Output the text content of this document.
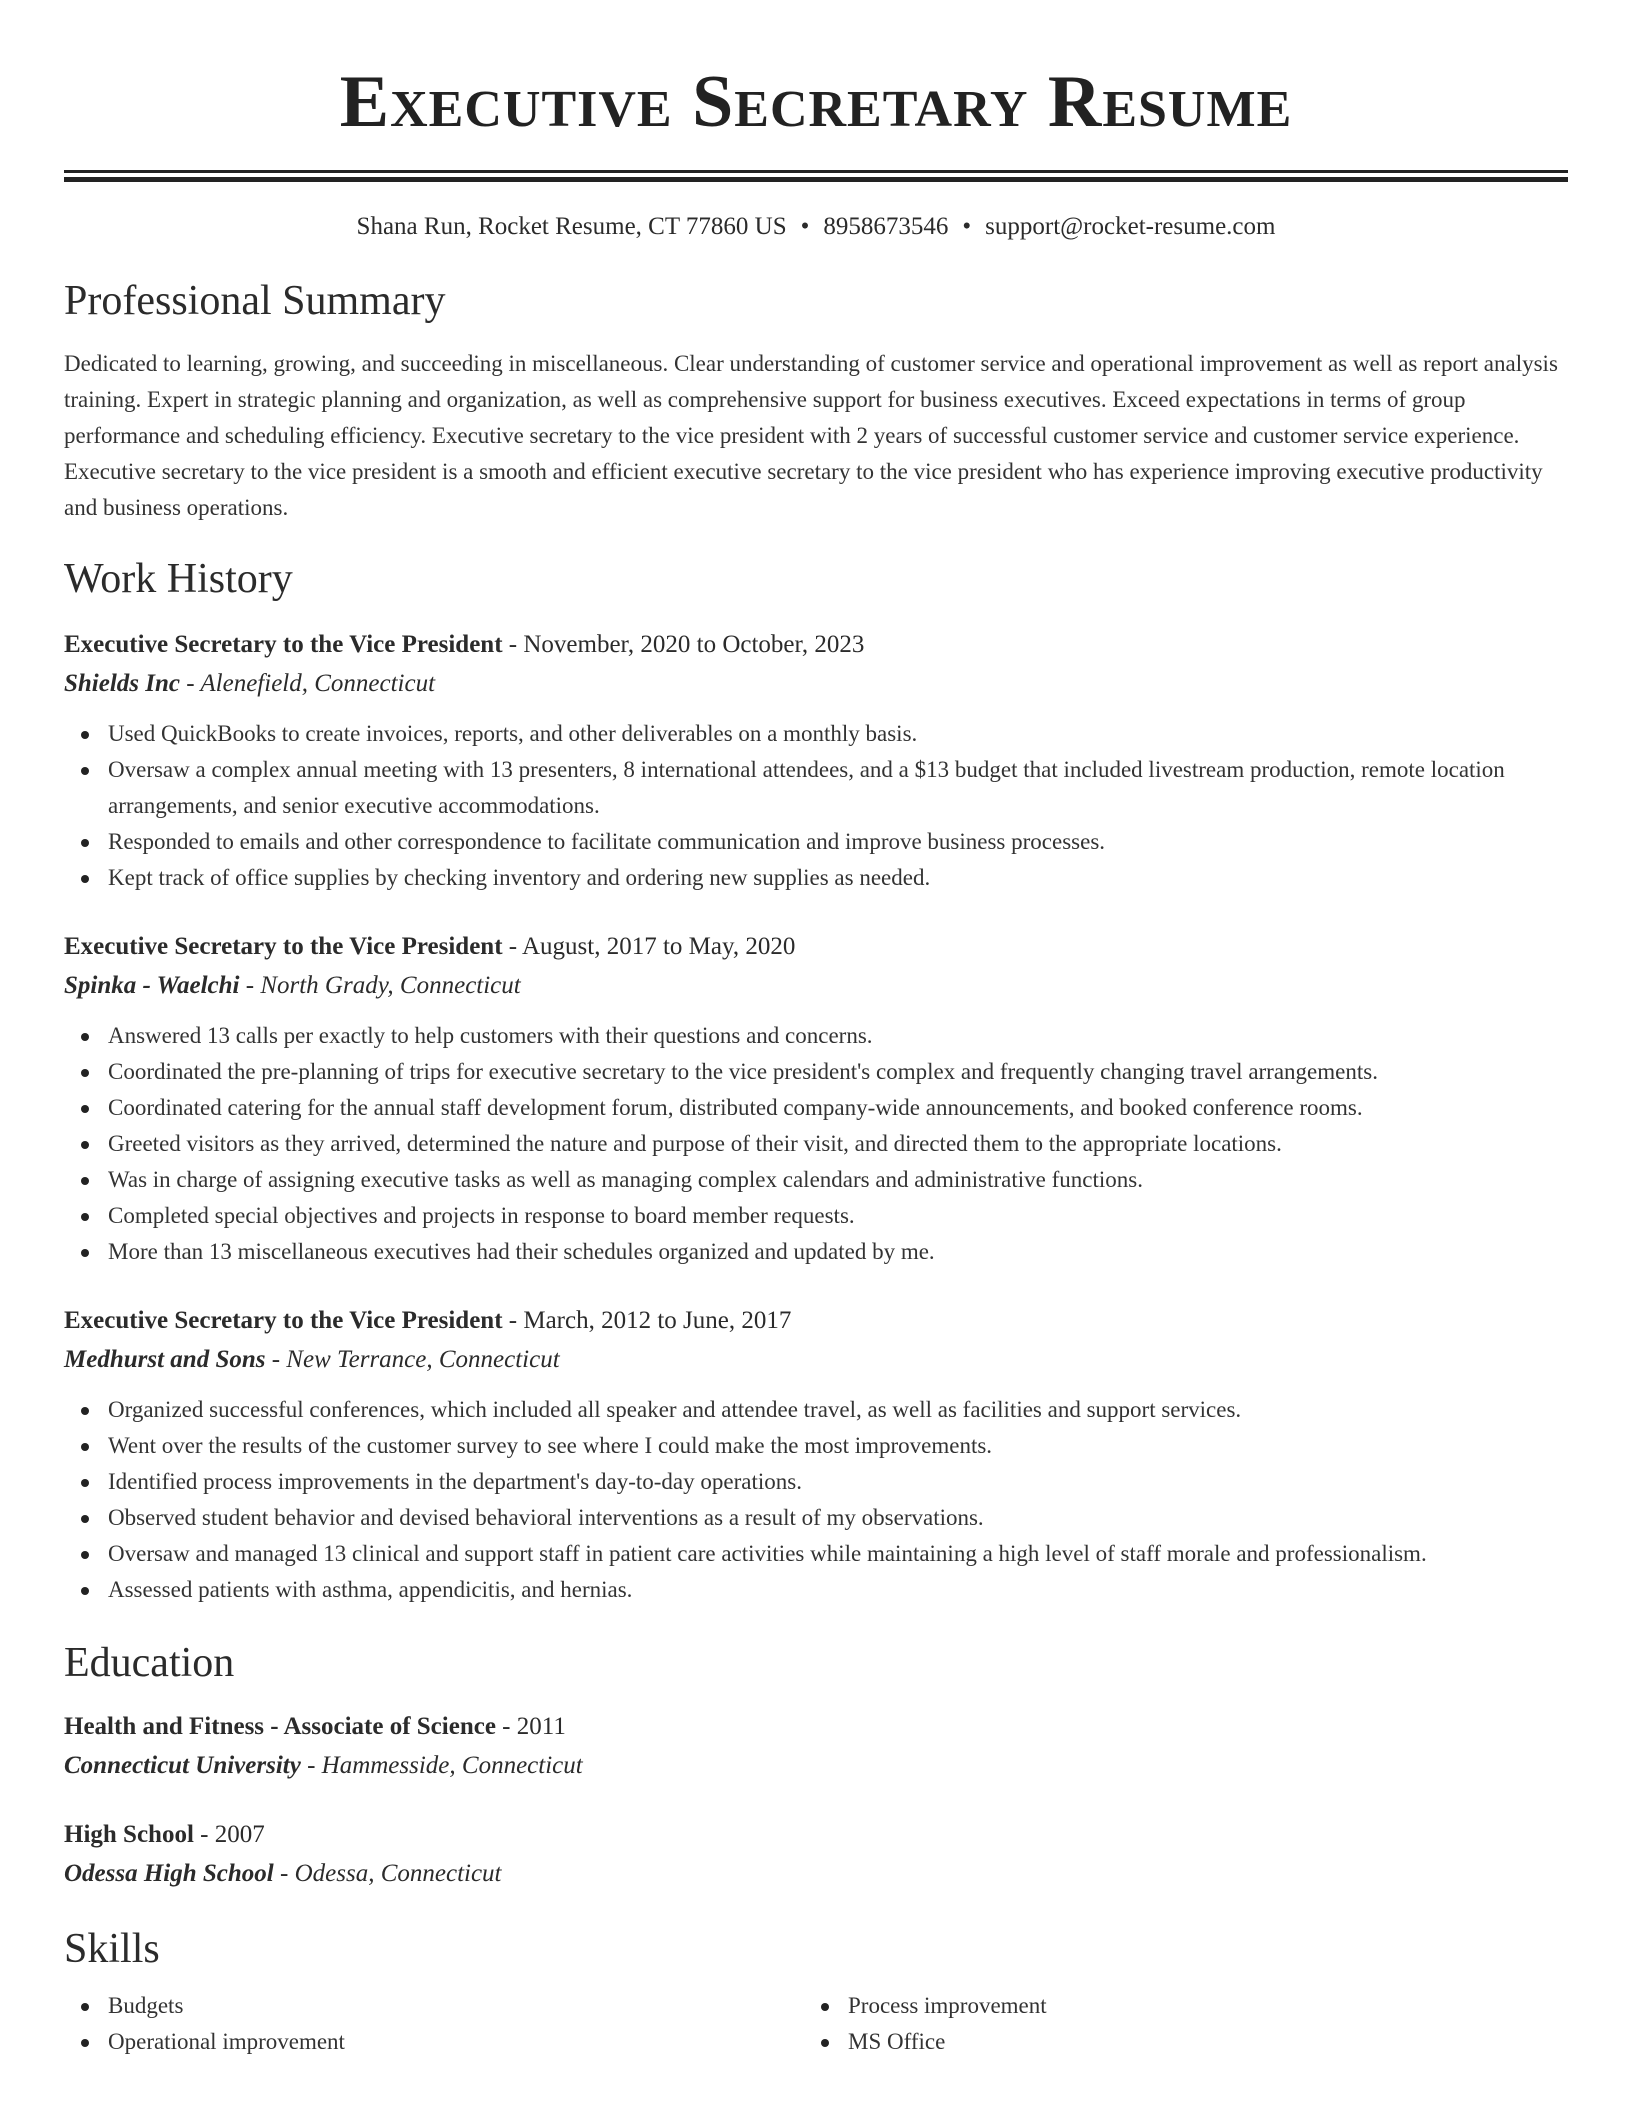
Executive Secretary Resume
Shana Run, Rocket Resume, CT 77860 US • 8958673546 • support@rocket-resume.com
Professional Summary

Dedicated to learning, growing, and succeeding in miscellaneous. Clear understanding of customer service and operational improvement as well as report analysis training. Expert in strategic planning and organization, as well as comprehensive support for business executives. Exceed expectations in terms of group performance and scheduling efficiency. Executive secretary to the vice president with 2 years of successful customer service and customer service experience. Executive secretary to the vice president is a smooth and efficient executive secretary to the vice president who has experience improving executive productivity and business operations.

Work History
Executive Secretary to the Vice President - November, 2020 to October, 2023
Shields Inc - Alenefield, Connecticut
Used QuickBooks to create invoices, reports, and other deliverables on a monthly basis.
Oversaw a complex annual meeting with 13 presenters, 8 international attendees, and a $13 budget that included livestream production, remote location arrangements, and senior executive accommodations.
Responded to emails and other correspondence to facilitate communication and improve business processes.
Kept track of office supplies by checking inventory and ordering new supplies as needed.
Executive Secretary to the Vice President - August, 2017 to May, 2020
Spinka - Waelchi - North Grady, Connecticut
Answered 13 calls per exactly to help customers with their questions and concerns.
Coordinated the pre-planning of trips for executive secretary to the vice president's complex and frequently changing travel arrangements.
Coordinated catering for the annual staff development forum, distributed company-wide announcements, and booked conference rooms.
Greeted visitors as they arrived, determined the nature and purpose of their visit, and directed them to the appropriate locations.
Was in charge of assigning executive tasks as well as managing complex calendars and administrative functions.
Completed special objectives and projects in response to board member requests.
More than 13 miscellaneous executives had their schedules organized and updated by me.
Executive Secretary to the Vice President - March, 2012 to June, 2017
Medhurst and Sons - New Terrance, Connecticut
Organized successful conferences, which included all speaker and attendee travel, as well as facilities and support services.
Went over the results of the customer survey to see where I could make the most improvements.
Identified process improvements in the department's day-to-day operations.
Observed student behavior and devised behavioral interventions as a result of my observations.
Oversaw and managed 13 clinical and support staff in patient care activities while maintaining a high level of staff morale and professionalism.
Assessed patients with asthma, appendicitis, and hernias.
Education
Health and Fitness - Associate of Science - 2011
Connecticut University - Hammesside, Connecticut
High School - 2007
Odessa High School - Odessa, Connecticut
Skills
Budgets
Operational improvement
Process improvement
MS Office
